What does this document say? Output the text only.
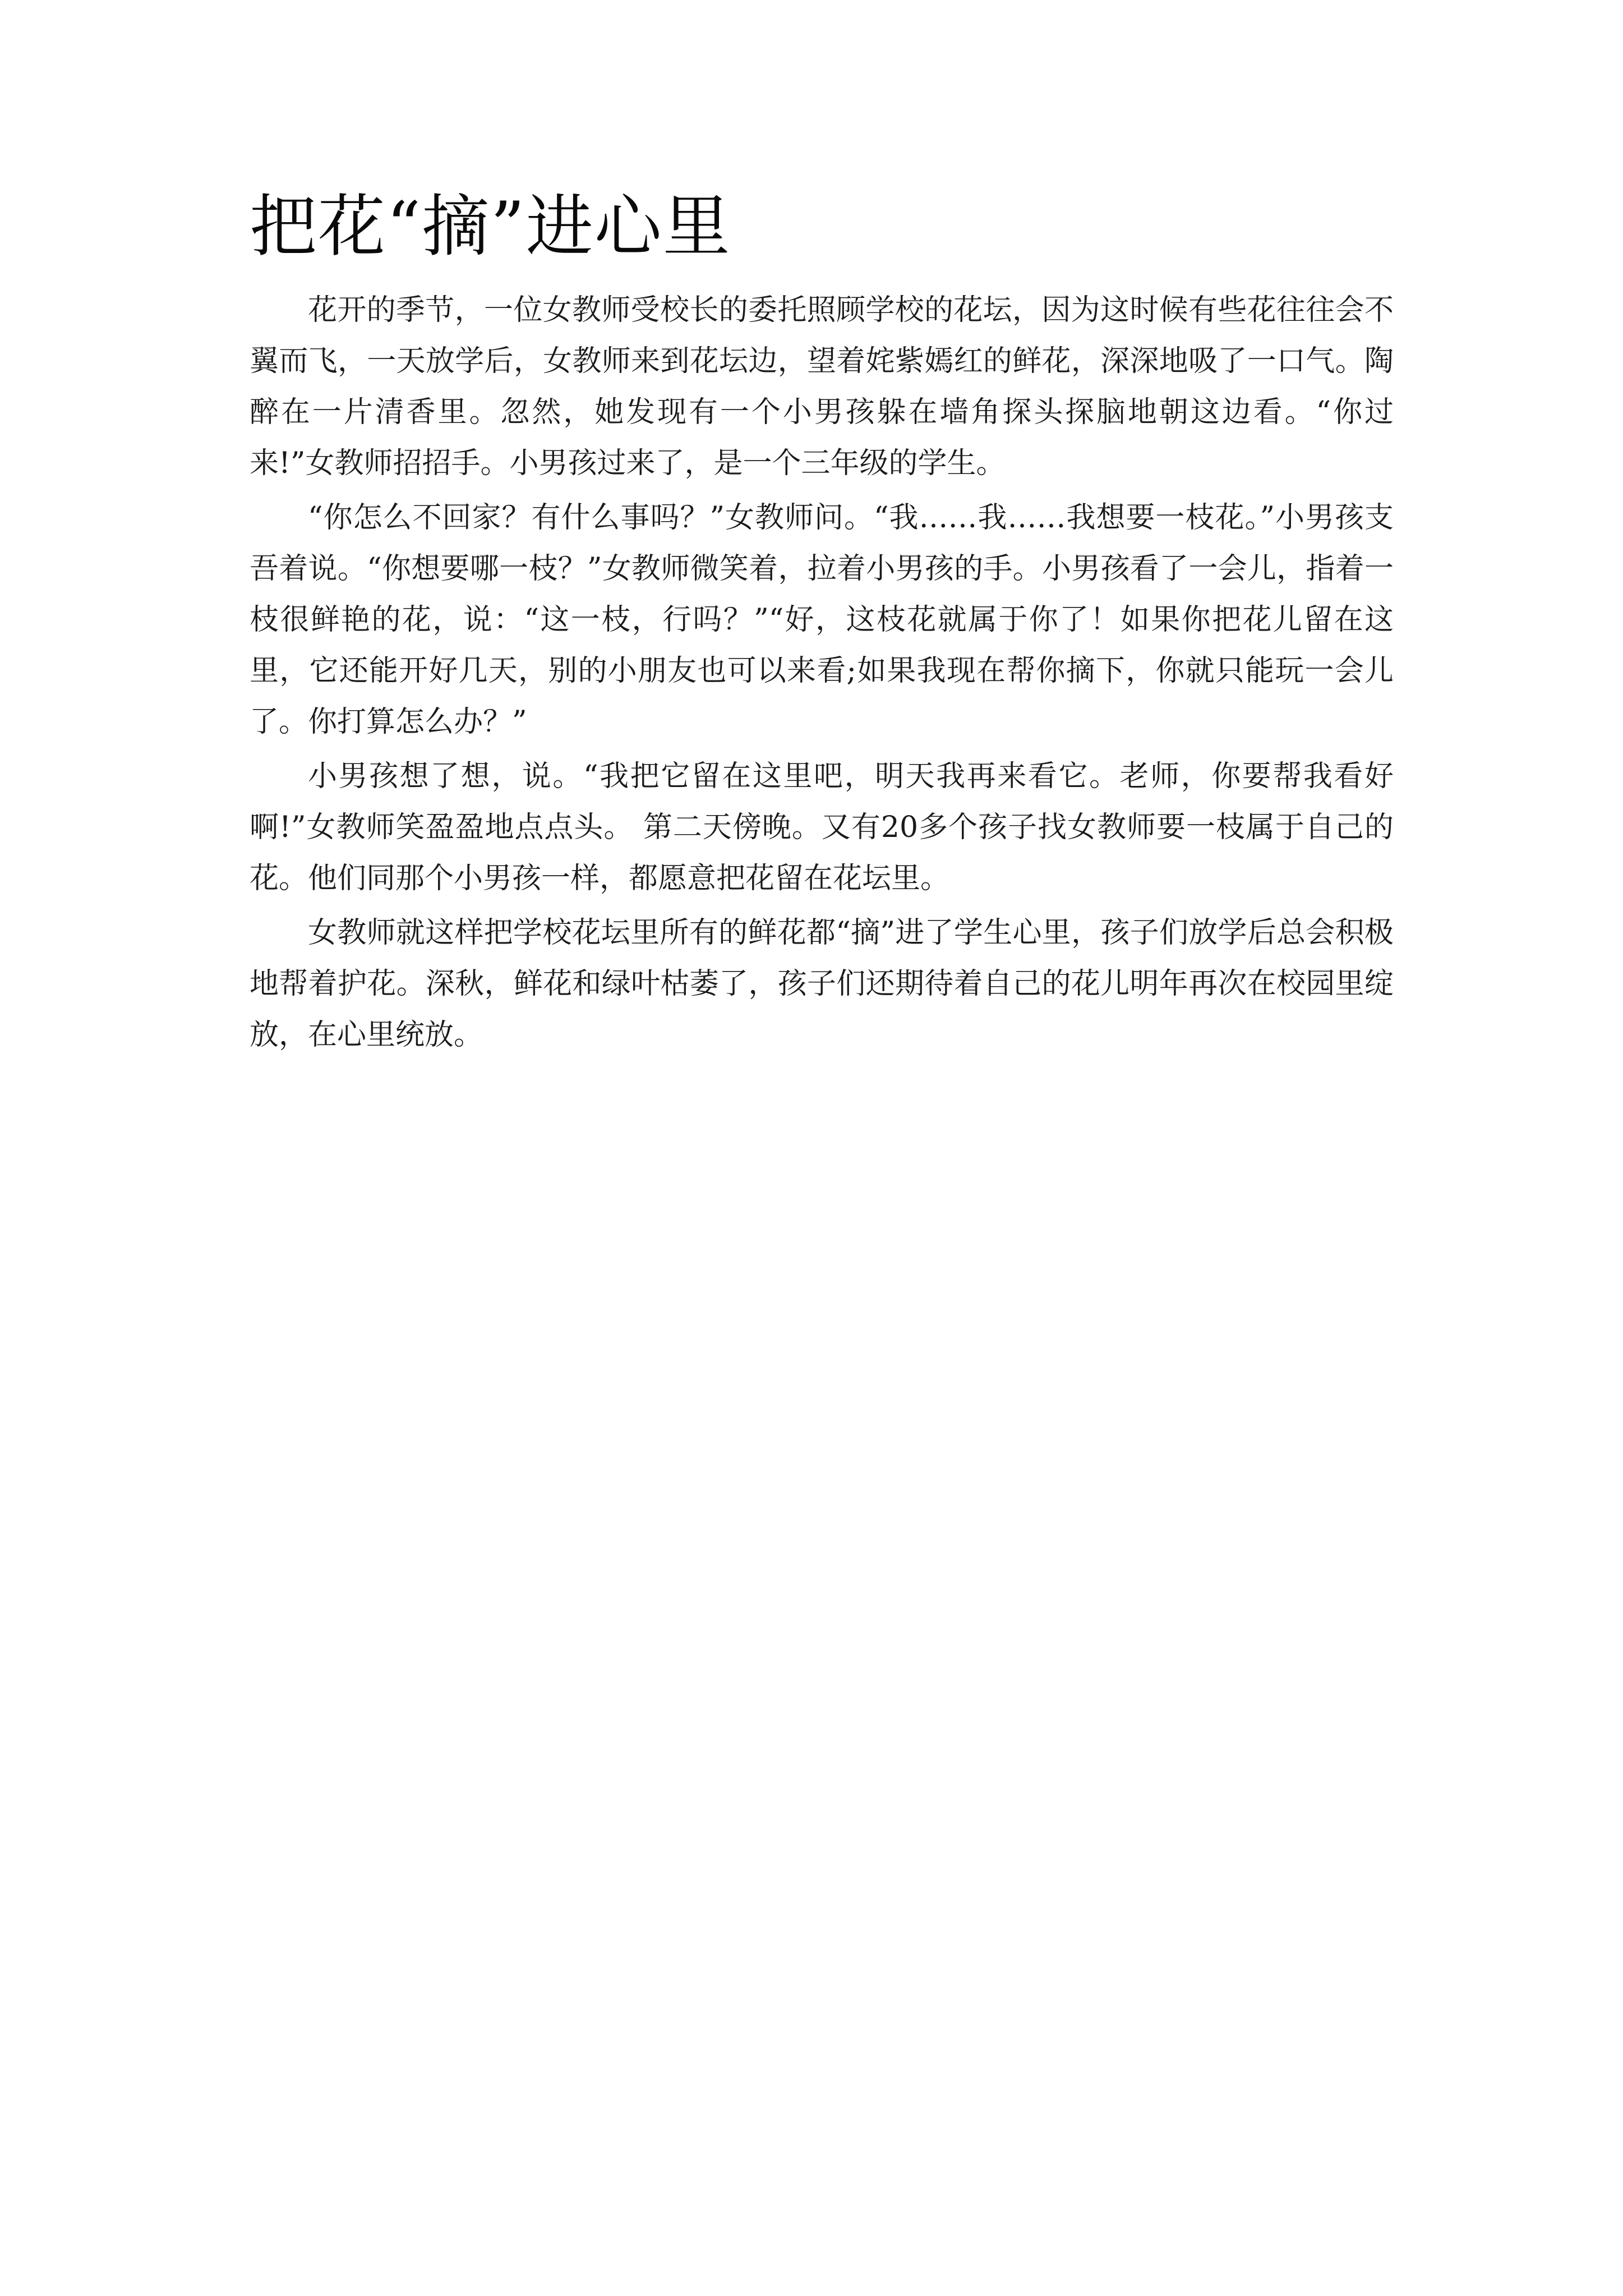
把花“摘”进心里

花开的季节，一位女教师受校长的委托照顾学校的花坛，因为这时候有些花往往会不翼而飞，一天放学后，女教师来到花坛边，望着姹紫嫣红的鲜花，深深地吸了一口气。陶醉在一片清香里。忽然，她发现有一个小男孩躲在墙角探头探脑地朝这边看。“你过来!”女教师招招手。小男孩过来了，是一个三年级的学生。

“你怎么不回家？有什么事吗？”女教师问。“我……我……我想要一枝花。”小男孩支吾着说。“你想要哪一枝？”女教师微笑着，拉着小男孩的手。小男孩看了一会儿，指着一枝很鲜艳的花，说：“这一枝，行吗？”“好，这枝花就属于你了！如果你把花儿留在这里，它还能开好几天，别的小朋友也可以来看;如果我现在帮你摘下，你就只能玩一会儿了。你打算怎么办？”

小男孩想了想，说。“我把它留在这里吧，明天我再来看它。老师，你要帮我看好啊!”女教师笑盈盈地点点头。 第二天傍晚。又有20多个孩子找女教师要一枝属于自己的花。他们同那个小男孩一样，都愿意把花留在花坛里。

女教师就这样把学校花坛里所有的鲜花都“摘”进了学生心里，孩子们放学后总会积极地帮着护花。深秋，鲜花和绿叶枯萎了，孩子们还期待着自己的花儿明年再次在校园里绽放，在心里统放。
